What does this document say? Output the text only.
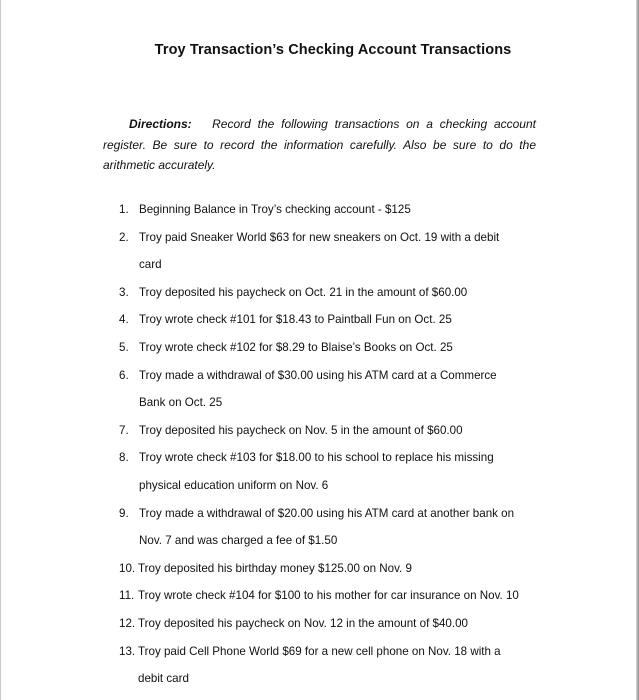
Troy Transaction’s Checking Account Transactions
Directions: Record the following transactions on a checking account register. Be sure to record the information carefully. Also be sure to do the arithmetic accurately.
1. Beginning Balance in Troy’s checking account - $125
2. Troy paid Sneaker World $63 for new sneakers on Oct. 19 with a debit
card
3. Troy deposited his paycheck on Oct. 21 in the amount of $60.00
4. Troy wrote check #101 for $18.43 to Paintball Fun on Oct. 25
5. Troy wrote check #102 for $8.29 to Blaise’s Books on Oct. 25
6. Troy made a withdrawal of $30.00 using his ATM card at a Commerce
Bank on Oct. 25
7. Troy deposited his paycheck on Nov. 5 in the amount of $60.00
8. Troy wrote check #103 for $18.00 to his school to replace his missing
physical education uniform on Nov. 6
9. Troy made a withdrawal of $20.00 using his ATM card at another bank on
Nov. 7 and was charged a fee of $1.50
10. Troy deposited his birthday money $125.00 on Nov. 9
11. Troy wrote check #104 for $100 to his mother for car insurance on Nov. 10
12. Troy deposited his paycheck on Nov. 12 in the amount of $40.00
13. Troy paid Cell Phone World $69 for a new cell phone on Nov. 18 with a
debit card
